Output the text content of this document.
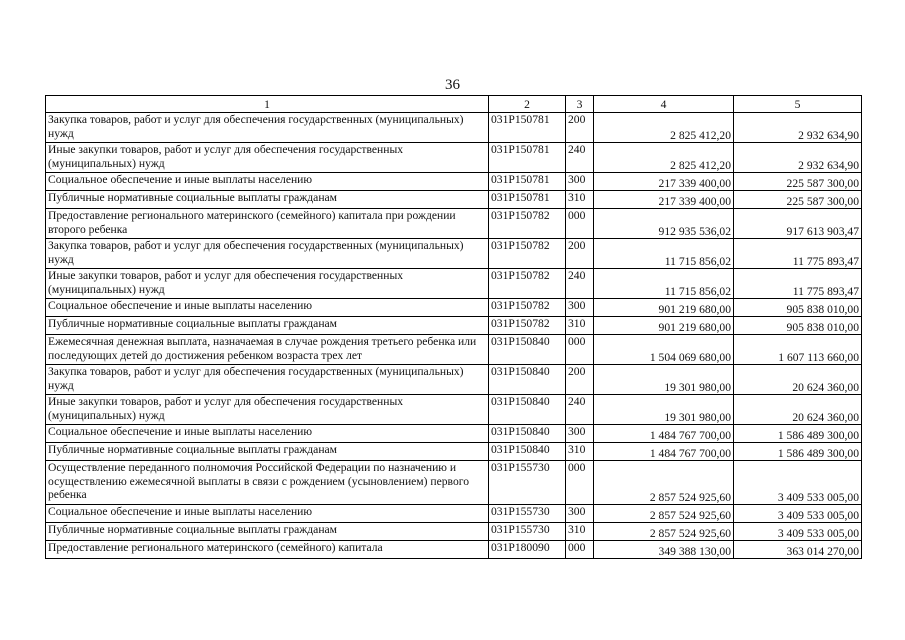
36
1	2	3	4	5
Закупка товаров, работ и услуг для обеспечения государственных (муниципальных) нужд	031P150781	200	2 825 412,20	2 932 634,90
Иные закупки товаров, работ и услуг для обеспечения государственных (муниципальных) нужд	031P150781	240	2 825 412,20	2 932 634,90
Социальное обеспечение и иные выплаты населению	031P150781	300	217 339 400,00	225 587 300,00
Публичные нормативные социальные выплаты гражданам	031P150781	310	217 339 400,00	225 587 300,00
Предоставление регионального материнского (семейного) капитала при рождении второго ребенка	031P150782	000	912 935 536,02	917 613 903,47
Закупка товаров, работ и услуг для обеспечения государственных (муниципальных) нужд	031P150782	200	11 715 856,02	11 775 893,47
Иные закупки товаров, работ и услуг для обеспечения государственных (муниципальных) нужд	031P150782	240	11 715 856,02	11 775 893,47
Социальное обеспечение и иные выплаты населению	031P150782	300	901 219 680,00	905 838 010,00
Публичные нормативные социальные выплаты гражданам	031P150782	310	901 219 680,00	905 838 010,00
Ежемесячная денежная выплата, назначаемая в случае рождения третьего ребенка или последующих детей до достижения ребенком возраста трех лет	031P150840	000	1 504 069 680,00	1 607 113 660,00
Закупка товаров, работ и услуг для обеспечения государственных (муниципальных) нужд	031P150840	200	19 301 980,00	20 624 360,00
Иные закупки товаров, работ и услуг для обеспечения государственных (муниципальных) нужд	031P150840	240	19 301 980,00	20 624 360,00
Социальное обеспечение и иные выплаты населению	031P150840	300	1 484 767 700,00	1 586 489 300,00
Публичные нормативные социальные выплаты гражданам	031P150840	310	1 484 767 700,00	1 586 489 300,00
Осуществление переданного полномочия Российской Федерации по назначению и осуществлению ежемесячной выплаты в связи с рождением (усыновлением) первого ребенка	031P155730	000	2 857 524 925,60	3 409 533 005,00
Социальное обеспечение и иные выплаты населению	031P155730	300	2 857 524 925,60	3 409 533 005,00
Публичные нормативные социальные выплаты гражданам	031P155730	310	2 857 524 925,60	3 409 533 005,00
Предоставление регионального материнского (семейного) капитала	031P180090	000	349 388 130,00	363 014 270,00
